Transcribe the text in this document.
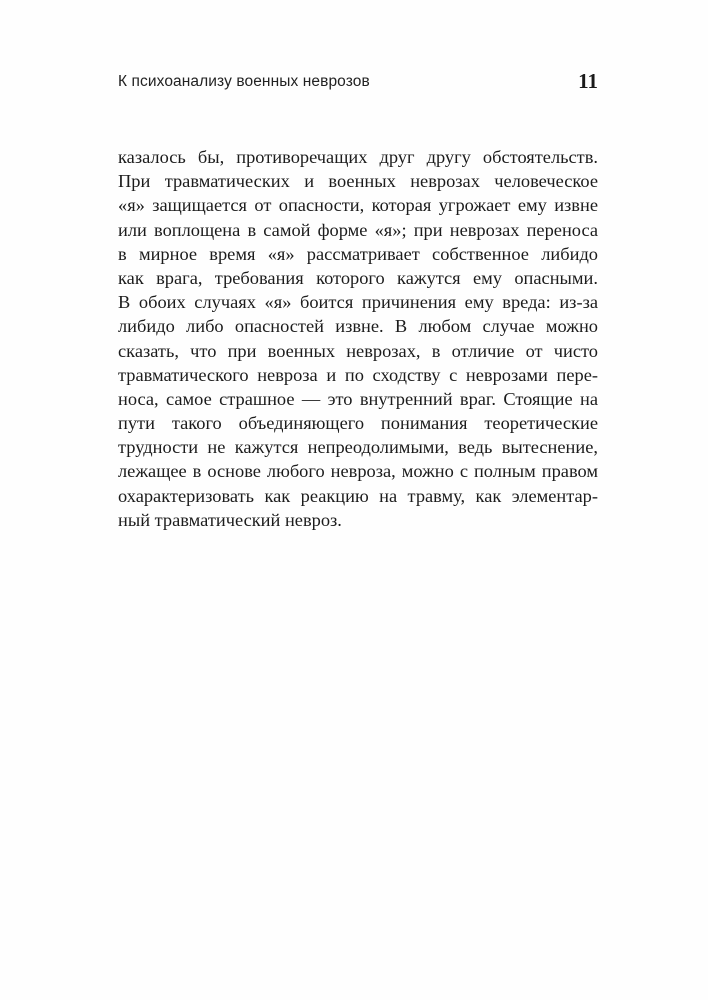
К психоанализу военных неврозов	11
казалось бы, противоречащих друг другу обстоятельств.
При травматических и военных неврозах человеческое
«я» защищается от опасности, которая угрожает ему извне
или воплощена в самой форме «я»; при неврозах переноса
в мирное время «я» рассматривает собственное либидо
как врага, требования которого кажутся ему опасными.
В обоих случаях «я» боится причинения ему вреда: из-за
либидо либо опасностей извне. В любом случае можно
сказать, что при военных неврозах, в отличие от чисто
травматического невроза и по сходству с неврозами пере-
носа, самое страшное — это внутренний враг. Стоящие на
пути такого объединяющего понимания теоретические
трудности не кажутся непреодолимыми, ведь вытеснение,
лежащее в основе любого невроза, можно с полным правом
охарактеризовать как реакцию на травму, как элементар-
ный травматический невроз.
